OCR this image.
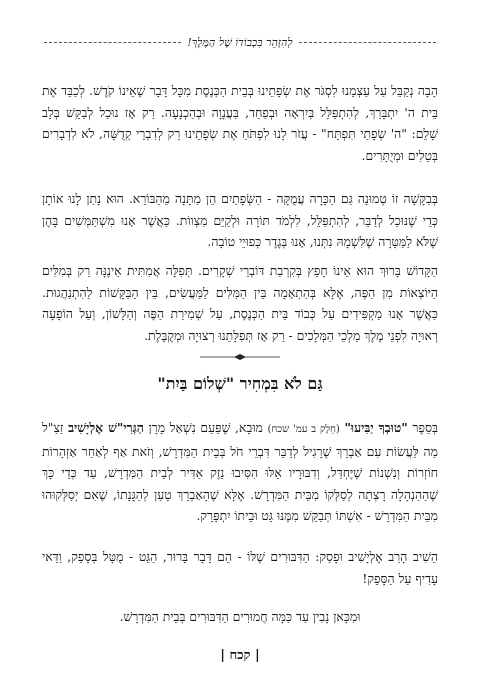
לְהִזָּהֵר בִּכְבוֹדוֹ שֶׁל הַמֶּלֶךְ!

הָבָה נְקַבֵּל עַל עַצְמֵנוּ לִסְגֹּר אֶת שְׂפָתֵינוּ בְּבֵית הַכְּנֶסֶת מִכָּל דָּבָר שֶׁאֵינוֹ קֹדֶשׁ. לְכַבֵּד אֶת בֵּית ה' יִתְבָּרַךְ, לְהִתְפַּלֵּל בְּיִרְאָה וּבְפַחַד, בַּעֲנָוָה וּבְהַכְנָעָה. רַק אָז נוּכַל לְבַקֵּשׁ בְּלֵב שָׁלֵם: "ה' שְׂפָתַי תִּפְתָּח" - עֲזֹר לָנוּ לִפְתֹּחַ אֶת שְׂפָתֵינוּ רַק לְדִבְרֵי קְדֻשָּׁה, לֹא לִדְבָרִים בְּטֵלִים וּמְיֻתָּרִים.

בְּבַקָּשָׁה זוֹ טְמוּנָה גַּם הַכָּרָה עֲמֻקָּה - הַשְּׂפָתַיִם הֵן מַתָּנָה מֵהַבּוֹרֵא. הוּא נָתַן לָנוּ אוֹתָן כְּדֵי שֶׁנּוּכַל לְדַבֵּר, לְהִתְפַּלֵּל, לִלְמֹד תּוֹרָה וּלְקַיֵּם מִצְווֹת. כַּאֲשֶׁר אָנוּ מִשְׁתַּמְּשִׁים בָּהֶן שֶׁלֹּא לַמַּטָּרָה שֶׁלִּשְׁמָהּ נִתְּנוּ, אָנוּ בְּגֶדֶר כְּפוּיֵי טוֹבָה.

הַקָּדוֹשׁ בָּרוּךְ הוּא אֵינוֹ חָפֵץ בְּקִרְבַת דּוֹבְרֵי שְׁקָרִים. תְּפִלָּה אֲמִתִּית אֵינֶנָּה רַק בְּמִלִּים הַיּוֹצְאוֹת מִן הַפֶּה, אֶלָּא בְּהַתְאָמָה בֵּין הַמִּלִּים לַמַּעֲשִׂים, בֵּין הַבַּקָּשׁוֹת לַהִתְנַהֲגוּת. כַּאֲשֶׁר אָנוּ מַקְפִּידִים עַל כְּבוֹד בֵּית הַכְּנֶסֶת, עַל שְׁמִירַת הַפֶּה וְהַלָּשׁוֹן, וְעַל הוֹפָעָה רְאוּיָה לִפְנֵי מֶלֶךְ מַלְכֵי הַמְּלָכִים - רַק אָז תְּפִלָּתֵנוּ רְצוּיָה וּמְקֻבֶּלֶת.

גַּם לֹא בִּמְחִיר "שְׁלוֹם בַּיִת"

בְּסֵפֶר "טוּבְךָ יַבִּיעוּ" (חֵלֶק ב עמ' שכח) מוּבָא, שֶׁפַּעַם נִשְׁאַל מָרָן הַגְּרִי"שׁ אֶלְיָשִׁיב זַצַ"ל מַה לַּעֲשׂוֹת עִם אַבְרֵךְ שֶׁרָגִיל לְדַבֵּר דִּבְרֵי חֹל בְּבֵית הַמִּדְרָשׁ, וְזֹאת אַף לְאַחַר אַזְהָרוֹת חוֹזְרוֹת וְנִשְׁנוֹת שֶׁיֶּחְדַּל, וְדִבּוּרָיו אֵלּוּ הִסִּיבוּ נֵזֶק אַדִּיר לְבֵית הַמִּדְרָשׁ, עַד כְּדֵי כָּךְ שֶׁהַהַנְהָלָה רָצְתָה לְסַלְּקוֹ מִבֵּית הַמִּדְרָשׁ. אֶלָּא שֶׁהָאַבְרֵךְ טָעַן לְהַגָּנָתוֹ, שֶׁאִם יְסַלְּקוּהוּ מִבֵּית הַמִּדְרָשׁ - אִשְׁתּוֹ תְּבַקֵּשׁ מִמֶּנּוּ גֵּט וּבֵיתוֹ יִתְפָּרֵק.

הֵשִׁיב הָרַב אֶלְיָשִׁיב וּפָסַק: הַדִּבּוּרִים שֶׁלּוֹ - הֵם דָּבָר בָּרוּר, הַגֵּט - מֻטָּל בְּסָפֵק, וַדַּאי עָדִיף עַל הַסָּפֵק!

וּמִכָּאן נָבִין עַד כַּמָּה חֲמוּרִים הַדִּבּוּרִים בְּבֵית הַמִּדְרָשׁ.

| קכח |
